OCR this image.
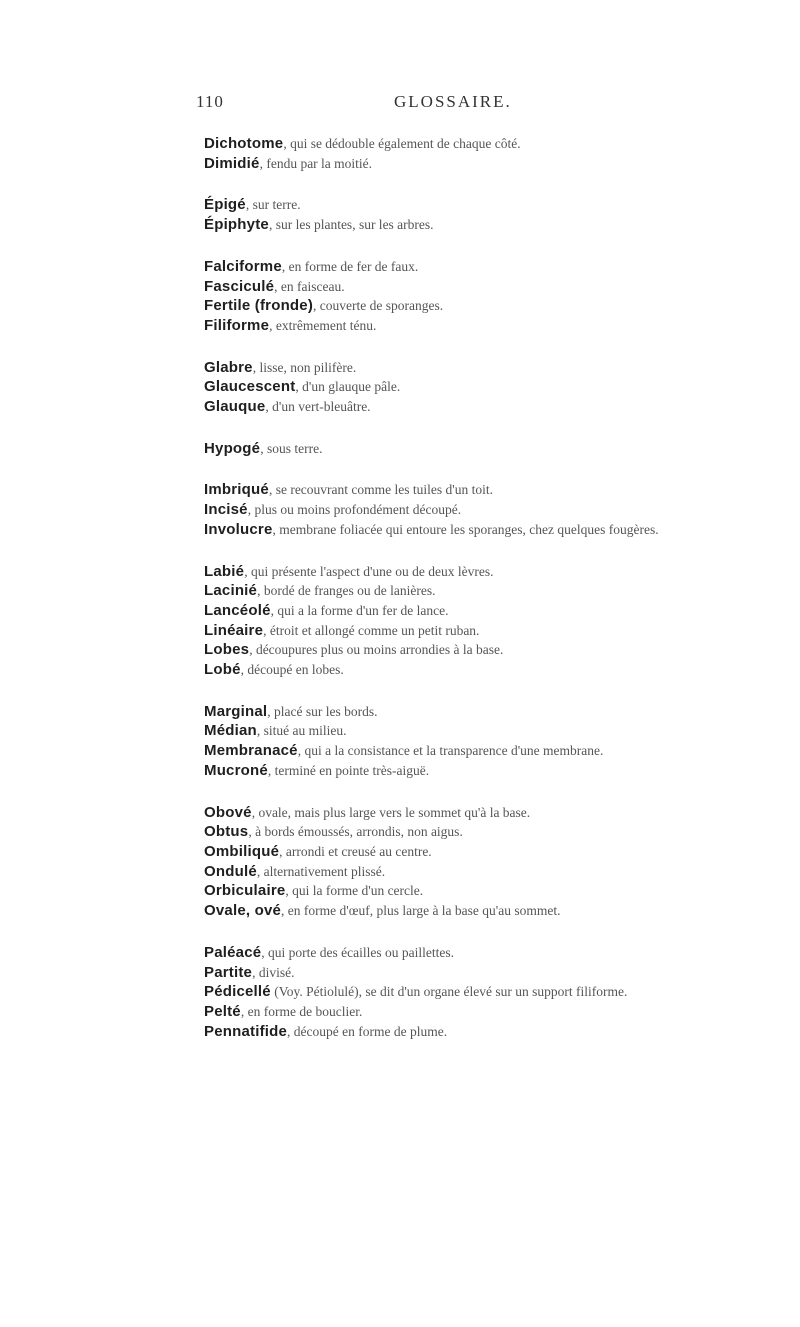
110	GLOSSAIRE.
Dichotome, qui se dédouble également de chaque côté.
Dimidié, fendu par la moitié.
Épigé, sur terre.
Épiphyte, sur les plantes, sur les arbres.
Falciforme, en forme de fer de faux.
Fasciculé, en faisceau.
Fertile (fronde), couverte de sporanges.
Filiforme, extrêmement ténu.
Glabre, lisse, non pilifère.
Glaucescent, d'un glauque pâle.
Glauque, d'un vert-bleuâtre.
Hypogé, sous terre.
Imbriqué, se recouvrant comme les tuiles d'un toit.
Incisé, plus ou moins profondément découpé.
Involucre, membrane foliacée qui entoure les sporanges, chez quelques fougères.
Labié, qui présente l'aspect d'une ou de deux lèvres.
Lacinié, bordé de franges ou de lanières.
Lancéolé, qui a la forme d'un fer de lance.
Linéaire, étroit et allongé comme un petit ruban.
Lobes, découpures plus ou moins arrondies à la base.
Lobé, découpé en lobes.
Marginal, placé sur les bords.
Médian, situé au milieu.
Membranacé, qui a la consistance et la transparence d'une membrane.
Mucroné, terminé en pointe très-aiguë.
Obové, ovale, mais plus large vers le sommet qu'à la base.
Obtus, à bords émoussés, arrondis, non aigus.
Ombiliqué, arrondi et creusé au centre.
Ondulé, alternativement plissé.
Orbiculaire, qui la forme d'un cercle.
Ovale, ové, en forme d'œuf, plus large à la base qu'au sommet.
Paléacé, qui porte des écailles ou paillettes.
Partite, divisé.
Pédicellé (Voy. Pétiolulé), se dit d'un organe élevé sur un support filiforme.
Pelté, en forme de bouclier.
Pennatifide, découpé en forme de plume.
